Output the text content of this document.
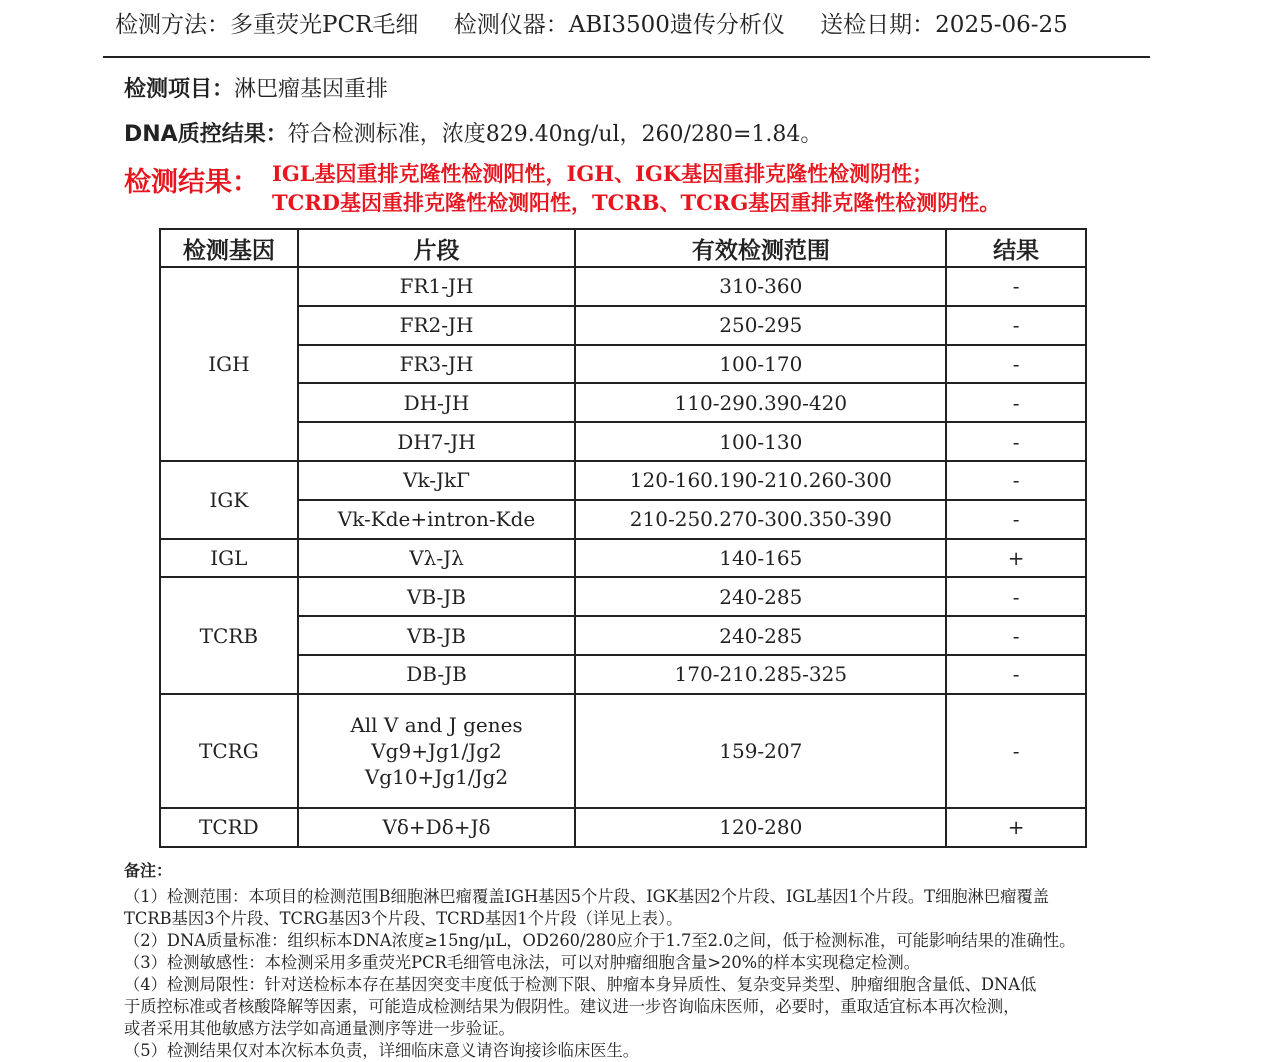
检测方法：多重荧光PCR毛细 检测仪器：ABI3500遗传分析仪 送检日期：2025-06-25
检测项目：淋巴瘤基因重排
DNA质控结果：符合检测标准，浓度829.40ng/ul，260/280=1.84。
检测结果： IGL基因重排克隆性检测阳性，IGH、IGK基因重排克隆性检测阴性；
TCRD基因重排克隆性检测阳性，TCRB、TCRG基因重排克隆性检测阴性。
检测基因	片段	有效检测范围	结果
IGH	FR1-JH	310-360	-
	FR2-JH	250-295	-
	FR3-JH	100-170	-
	DH-JH	110-290.390-420	-
	DH7-JH	100-130	-
IGK	Vk-JkΓ	120-160.190-210.260-300	-
	Vk-Kde+intron-Kde	210-250.270-300.350-390	-
IGL	Vλ-Jλ	140-165	+
TCRB	VB-JB	240-285	-
	VB-JB	240-285	-
	DB-JB	170-210.285-325	-
TCRG	All V and J genes
Vg9+Jg1/Jg2
Vg10+Jg1/Jg2	159-207	-
TCRD	Vδ+Dδ+Jδ	120-280	+
备注：
（1）检测范围：本项目的检测范围B细胞淋巴瘤覆盖IGH基因5个片段、IGK基因2个片段、IGL基因1个片段。T细胞淋巴瘤覆盖
TCRB基因3个片段、TCRG基因3个片段、TCRD基因1个片段（详见上表）。
（2）DNA质量标准：组织标本DNA浓度≥15ng/μL，OD260/280应介于1.7至2.0之间，低于检测标准，可能影响结果的准确性。
（3）检测敏感性：本检测采用多重荧光PCR毛细管电泳法，可以对肿瘤细胞含量>20%的样本实现稳定检测。
（4）检测局限性：针对送检标本存在基因突变丰度低于检测下限、肿瘤本身异质性、复杂变异类型、肿瘤细胞含量低、DNA低
于质控标准或者核酸降解等因素，可能造成检测结果为假阴性。建议进一步咨询临床医师，必要时，重取适宜标本再次检测，
或者采用其他敏感方法学如高通量测序等进一步验证。
（5）检测结果仅对本次标本负责，详细临床意义请咨询接诊临床医生。
